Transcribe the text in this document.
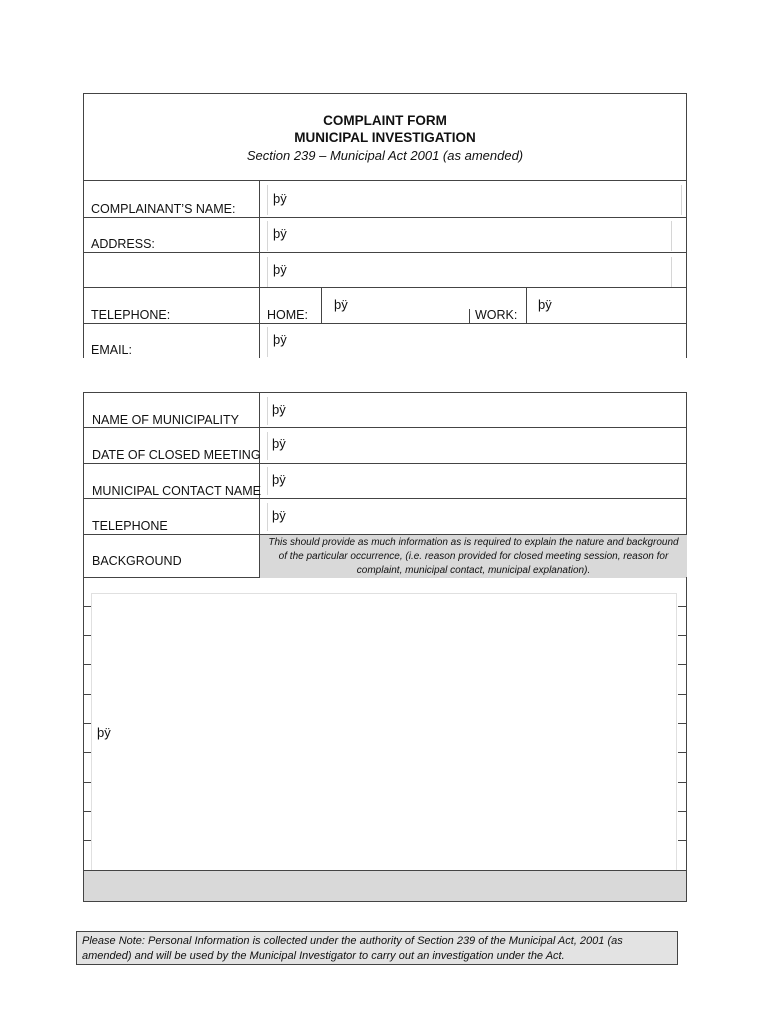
COMPLAINT FORM
MUNICIPAL INVESTIGATION
Section 239 – Municipal Act 2001 (as amended)
COMPLAINANT’S NAME:
þÿ
ADDRESS:
þÿ
þÿ
TELEPHONE:	HOME:
þÿ
WORK:
þÿ
EMAIL:
þÿ
NAME OF MUNICIPALITY
þÿ
DATE OF CLOSED MEETING
þÿ
MUNICIPAL CONTACT NAME
þÿ
TELEPHONE
þÿ
BACKGROUND
This should provide as much information as is required to explain the nature and background of the particular occurrence, (i.e. reason provided for closed meeting session, reason for complaint, municipal contact, municipal explanation).
þÿ
Please Note: Personal Information is collected under the authority of Section 239 of the Municipal Act, 2001 (as amended) and will be used by the Municipal Investigator to carry out an investigation under the Act.
